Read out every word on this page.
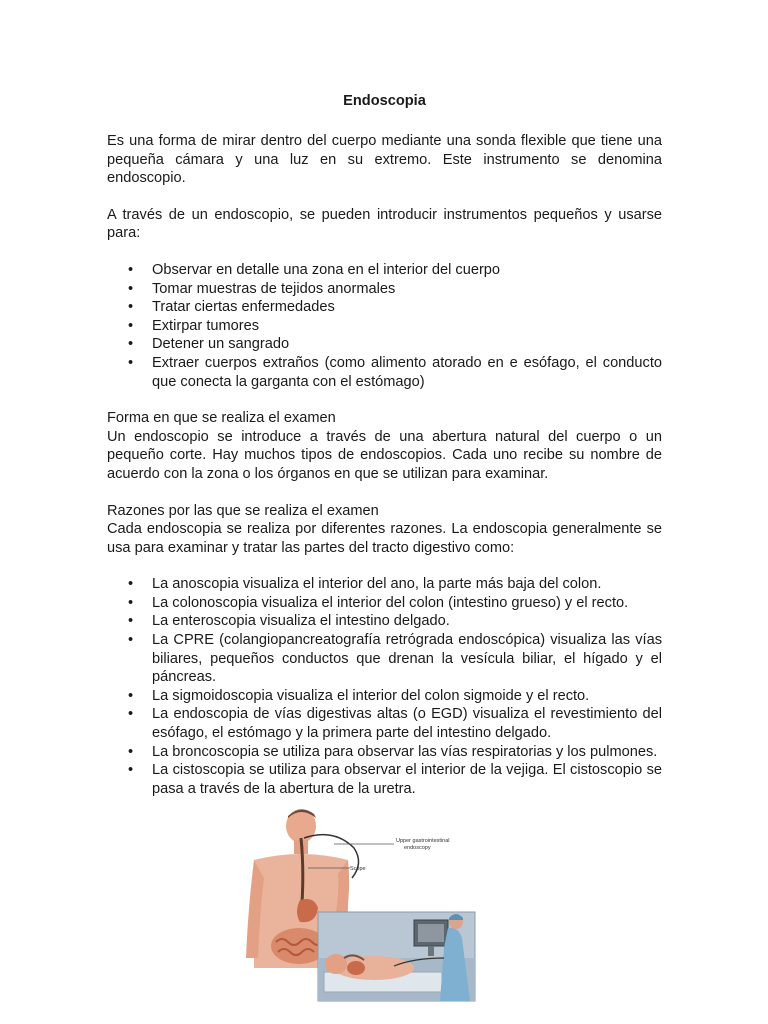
Endoscopia

Es una forma de mirar dentro del cuerpo mediante una sonda flexible que tiene una pequeña cámara y una luz en su extremo. Este instrumento se denomina endoscopio.

A través de un endoscopio, se pueden introducir instrumentos pequeños y usarse para:

• Observar en detalle una zona en el interior del cuerpo
• Tomar muestras de tejidos anormales
• Tratar ciertas enfermedades
• Extirpar tumores
• Detener un sangrado
• Extraer cuerpos extraños (como alimento atorado en e esófago, el conducto que conecta la garganta con el estómago)

Forma en que se realiza el examen

Un endoscopio se introduce a través de una abertura natural del cuerpo o un pequeño corte. Hay muchos tipos de endoscopios. Cada uno recibe su nombre de acuerdo con la zona o los órganos en que se utilizan para examinar.

Razones por las que se realiza el examen

Cada endoscopia se realiza por diferentes razones. La endoscopia generalmente se usa para examinar y tratar las partes del tracto digestivo como:

• La anoscopia visualiza el interior del ano, la parte más baja del colon.
• La colonoscopia visualiza el interior del colon (intestino grueso) y el recto.
• La enteroscopia visualiza el intestino delgado.
• La CPRE (colangiopancreatografía retrógrada endoscópica) visualiza las vías biliares, pequeños conductos que drenan la vesícula biliar, el hígado y el páncreas.
• La sigmoidoscopia visualiza el interior del colon sigmoide y el recto.
• La endoscopia de vías digestivas altas (o EGD) visualiza el revestimiento del esófago, el estómago y la primera parte del intestino delgado.
• La broncoscopia se utiliza para observar las vías respiratorias y los pulmones.
• La cistoscopia se utiliza para observar el interior de la vejiga. El cistoscopio se pasa a través de la abertura de la uretra.
Upper gastrointestinal
endoscopy
Scope
